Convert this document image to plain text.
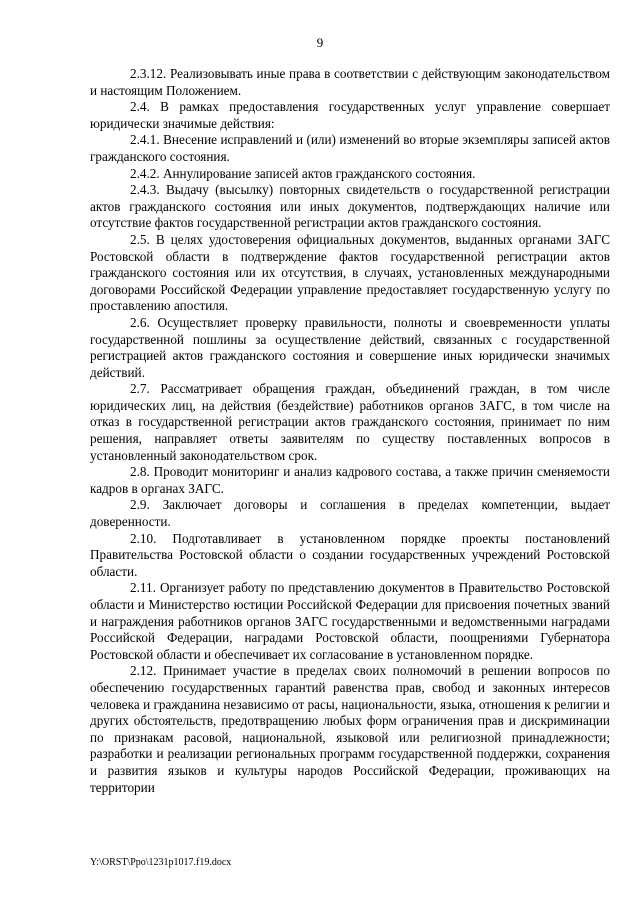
9

2.3.12. Реализовывать иные права в соответствии с действующим законодательством и настоящим Положением.

2.4. В рамках предоставления государственных услуг управление совершает юридически значимые действия:

2.4.1. Внесение исправлений и (или) изменений во вторые экземпляры записей актов гражданского состояния.

2.4.2. Аннулирование записей актов гражданского состояния.

2.4.3. Выдачу (высылку) повторных свидетельств о государственной регистрации актов гражданского состояния или иных документов, подтверждающих наличие или отсутствие фактов государственной регистрации актов гражданского состояния.

2.5. В целях удостоверения официальных документов, выданных органами ЗАГС Ростовской области в подтверждение фактов государственной регистрации актов гражданского состояния или их отсутствия, в случаях, установленных международными договорами Российской Федерации управление предоставляет государственную услугу по проставлению апостиля.

2.6. Осуществляет проверку правильности, полноты и своевременности уплаты государственной пошлины за осуществление действий, связанных с государственной регистрацией актов гражданского состояния и совершение иных юридически значимых действий.

2.7. Рассматривает обращения граждан, объединений граждан, в том числе юридических лиц, на действия (бездействие) работников органов ЗАГС, в том числе на отказ в государственной регистрации актов гражданского состояния, принимает по ним решения, направляет ответы заявителям по существу поставленных вопросов в установленный законодательством срок.

2.8. Проводит мониторинг и анализ кадрового состава, а также причин сменяемости кадров в органах ЗАГС.

2.9. Заключает договоры и соглашения в пределах компетенции, выдает доверенности.

2.10. Подготавливает в установленном порядке проекты постановлений Правительства Ростовской области о создании государственных учреждений Ростовской области.

2.11. Организует работу по представлению документов в Правительство Ростовской области и Министерство юстиции Российской Федерации для присвоения почетных званий и награждения работников органов ЗАГС государственными и ведомственными наградами Российской Федерации, наградами Ростовской области, поощрениями Губернатора Ростовской области и обеспечивает их согласование в установленном порядке.

2.12. Принимает участие в пределах своих полномочий в решении вопросов по обеспечению государственных гарантий равенства прав, свобод и законных интересов человека и гражданина независимо от расы, национальности, языка, отношения к религии и других обстоятельств, предотвращению любых форм ограничения прав и дискриминации по признакам расовой, национальной, языковой или религиозной принадлежности; разработки и реализации региональных программ государственной поддержки, сохранения и развития языков и культуры народов Российской Федерации, проживающих на территории

Y:\ORST\Ppo\1231p1017.f19.docx
